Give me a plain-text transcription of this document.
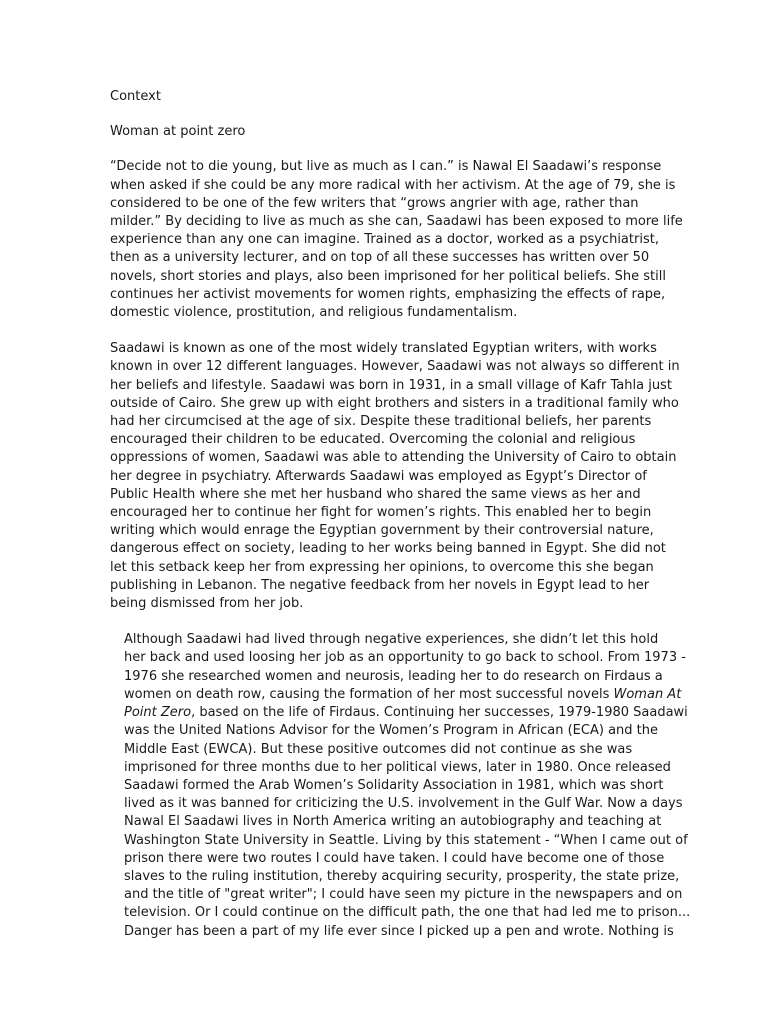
Context

Woman at point zero

“Decide not to die young, but live as much as I can.” is Nawal El Saadawi’s response
when asked if she could be any more radical with her activism. At the age of 79, she is
considered to be one of the few writers that “grows angrier with age, rather than
milder.” By deciding to live as much as she can, Saadawi has been exposed to more life
experience than any one can imagine. Trained as a doctor, worked as a psychiatrist,
then as a university lecturer, and on top of all these successes has written over 50
novels, short stories and plays, also been imprisoned for her political beliefs. She still
continues her activist movements for women rights, emphasizing the effects of rape,
domestic violence, prostitution, and religious fundamentalism.

Saadawi is known as one of the most widely translated Egyptian writers, with works
known in over 12 different languages. However, Saadawi was not always so different in
her beliefs and lifestyle. Saadawi was born in 1931, in a small village of Kafr Tahla just
outside of Cairo. She grew up with eight brothers and sisters in a traditional family who
had her circumcised at the age of six. Despite these traditional beliefs, her parents
encouraged their children to be educated. Overcoming the colonial and religious
oppressions of women, Saadawi was able to attending the University of Cairo to obtain
her degree in psychiatry. Afterwards Saadawi was employed as Egypt’s Director of
Public Health where she met her husband who shared the same views as her and
encouraged her to continue her fight for women’s rights. This enabled her to begin
writing which would enrage the Egyptian government by their controversial nature,
dangerous effect on society, leading to her works being banned in Egypt. She did not
let this setback keep her from expressing her opinions, to overcome this she began
publishing in Lebanon. The negative feedback from her novels in Egypt lead to her
being dismissed from her job.

Although Saadawi had lived through negative experiences, she didn’t let this hold
her back and used loosing her job as an opportunity to go back to school. From 1973 -
1976 she researched women and neurosis, leading her to do research on Firdaus a
women on death row, causing the formation of her most successful novels Woman At
Point Zero, based on the life of Firdaus. Continuing her successes, 1979-1980 Saadawi
was the United Nations Advisor for the Women’s Program in African (ECA) and the
Middle East (EWCA). But these positive outcomes did not continue as she was
imprisoned for three months due to her political views, later in 1980. Once released
Saadawi formed the Arab Women’s Solidarity Association in 1981, which was short
lived as it was banned for criticizing the U.S. involvement in the Gulf War. Now a days
Nawal El Saadawi lives in North America writing an autobiography and teaching at
Washington State University in Seattle. Living by this statement - “When I came out of
prison there were two routes I could have taken. I could have become one of those
slaves to the ruling institution, thereby acquiring security, prosperity, the state prize,
and the title of "great writer"; I could have seen my picture in the newspapers and on
television. Or I could continue on the difficult path, the one that had led me to prison...
Danger has been a part of my life ever since I picked up a pen and wrote. Nothing is
